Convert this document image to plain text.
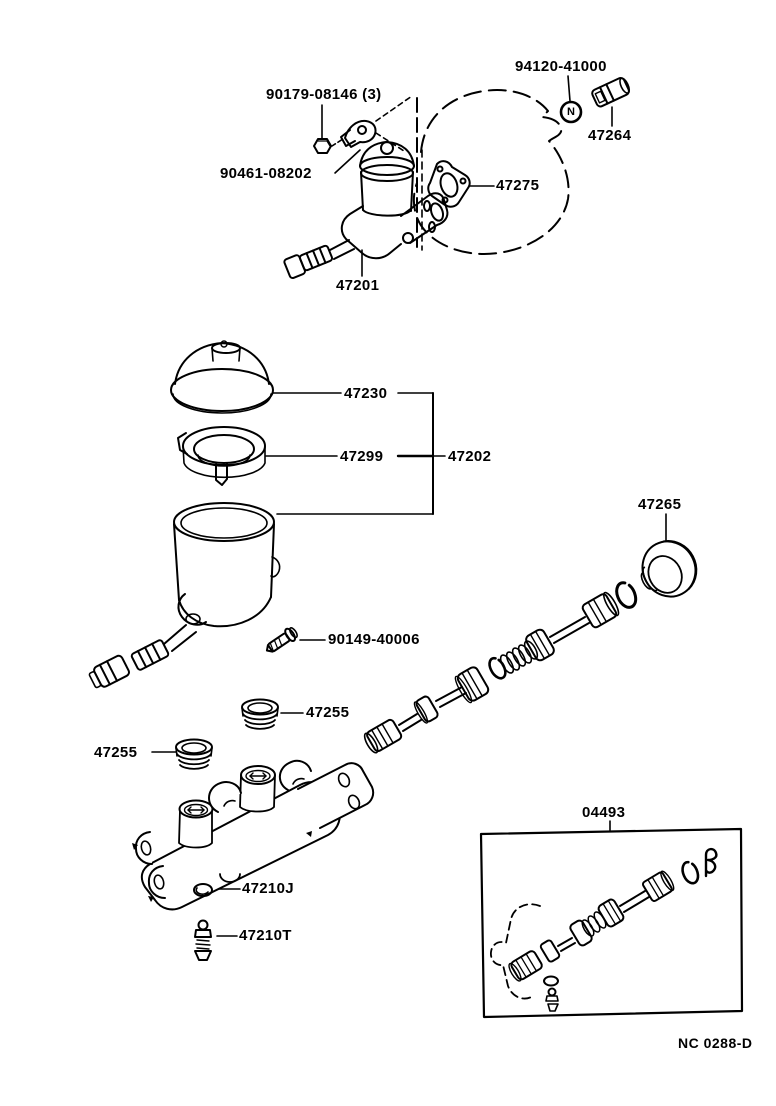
90179-08146 (3)
94120-41000
47264
90461-08202
47275
47201
47230
47299	47202
47265
90149-40006
47255
47255
47210J
47210T
04493
N
NC 0288-D
